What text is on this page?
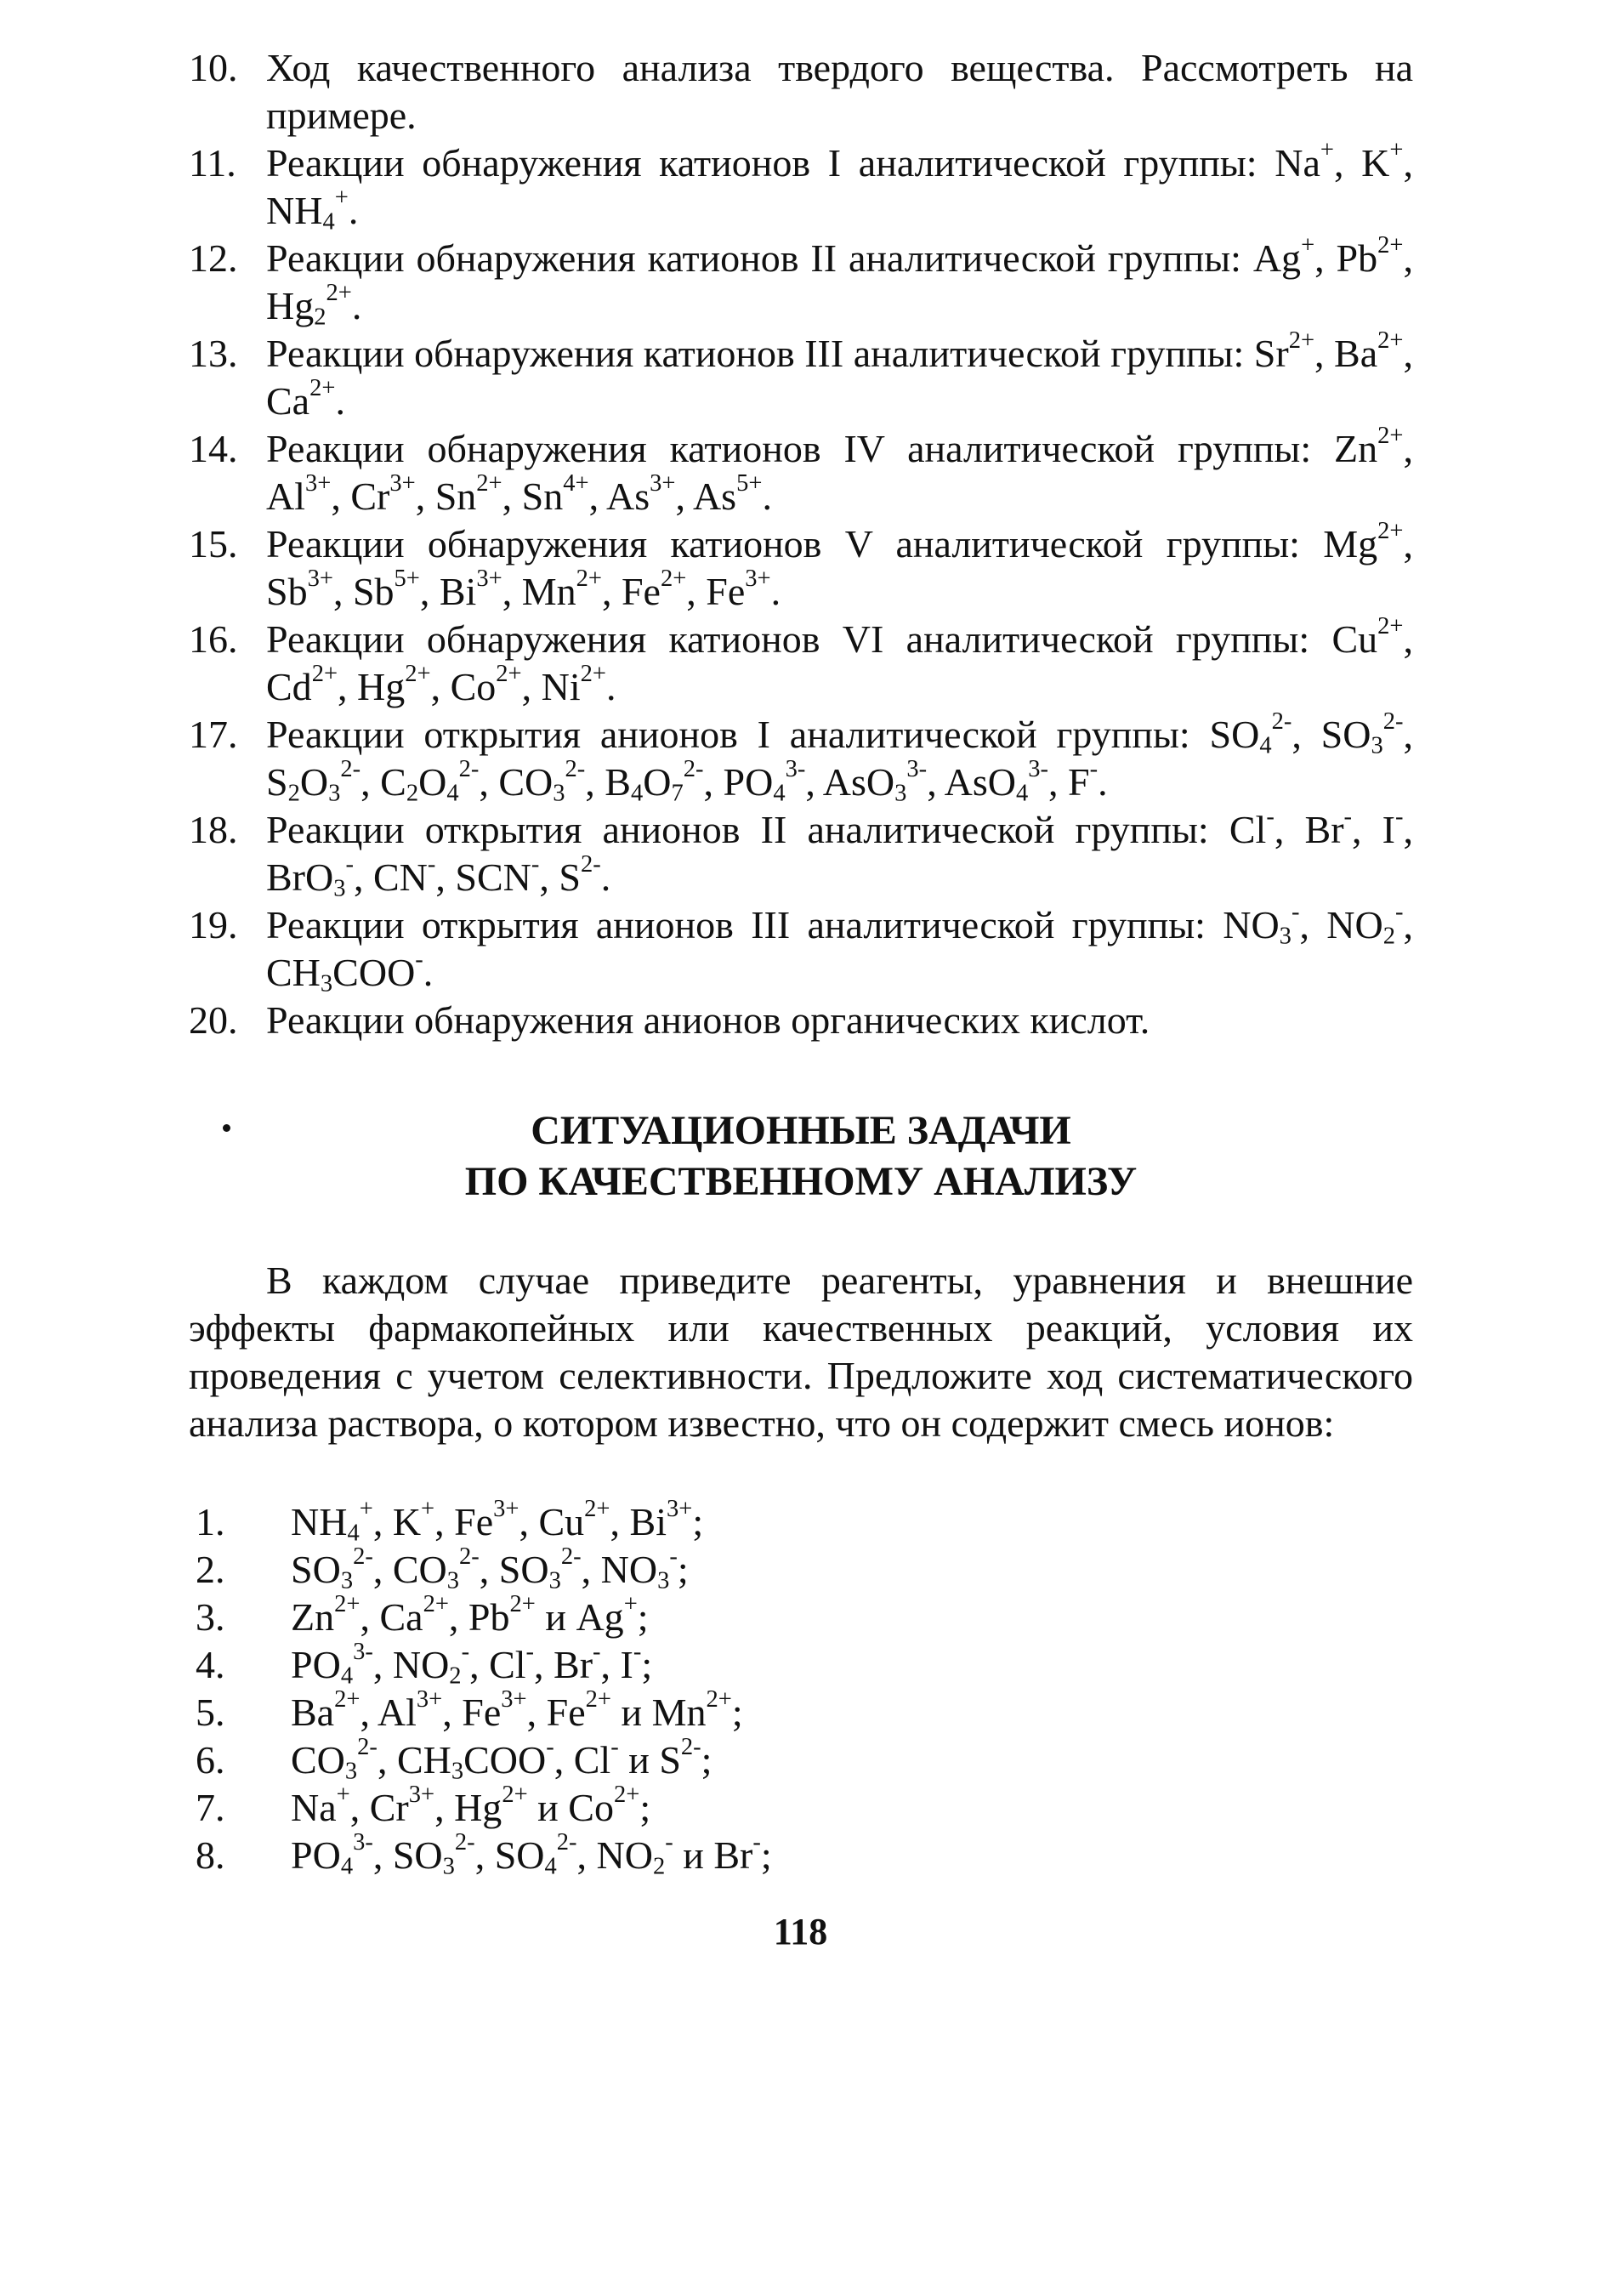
10. Ход качественного анализа твердого вещества. Рассмотреть на примере.
11. Реакции обнаружения катионов I аналитической группы: Na+, K+, $NH_4^+$.
12. Реакции обнаружения катионов II аналитической группы: Ag+, $Pb^{2+}$, $Hg_2^{2+}$.
13. Реакции обнаружения катионов III аналитической группы: $Sr^{2+}$, $Ba^{2+}$, $Ca^{2+}$.
14. Реакции обнаружения катионов IV аналитической группы: $Zn^{2+}$, $Al^{3+}$, $Cr^{3+}$, $Sn^{2+}$, $Sn^{4+}$, $As^{3+}$, $As^{5+}$.
15. Реакции обнаружения катионов V аналитической группы: $Mg^{2+}$, $Sb^{3+}$, $Sb^{5+}$, $Bi^{3+}$, $Mn^{2+}$, $Fe^{2+}$, $Fe^{3+}$.
16. Реакции обнаружения катионов VI аналитической группы: $Cu^{2+}$, $Cd^{2+}$, $Hg^{2+}$, $Co^{2+}$, $Ni^{2+}$.
17. Реакции открытия анионов I аналитической группы: $SO_4^{2-}$, $SO_3^{2-}$, $S_2O_3^{2-}$, $C_2O_4^{2-}$, $CO_3^{2-}$, $B_4O_7^{2-}$, $PO_4^{3-}$, AsO$_3^{3-}$, AsO$_4^{3-}$, F-.
18. Реакции открытия анионов II аналитической группы: Cl-, Br-, I-, BrO$_3$-, CN-, SCN-, $S^{2-}$.
19. Реакции открытия анионов III аналитической группы: $NO_3^-$, $NO_2^-$, $CH_3COO^-$.
20. Реакции обнаружения анионов органических кислот.
СИТУАЦИОННЫЕ ЗАДАЧИ
ПО КАЧЕСТВЕННОМУ АНАЛИЗУ
В каждом случае приведите реагенты, уравнения и внешние эффекты фармакопейных или качественных реакций, условия их проведения с учетом селективности. Предложите ход систематического анализа раствора, о котором известно, что он содержит смесь ионов:
1. $NH_4^+$, K+, $Fe^{3+}$, $Cu^{2+}$, $Bi^{3+}$;
2. $SO_3^{2-}$, $CO_3^{2-}$, $SO_3^{2-}$, $NO_3^-$;
3. $Zn^{2+}$, $Ca^{2+}$, $Pb^{2+}$ и Ag+;
4. $PO_4^{3-}$, $NO_2^-$, Cl-, Br-, I-;
5. $Ba^{2+}$, $Al^{3+}$, $Fe^{3+}$, $Fe^{2+}$ и $Mn^{2+}$;
6. $CO_3^{2-}$, $CH_3COO^-$, Cl- и $S^{2-}$;
7. Na+, $Cr^{3+}$, $Hg^{2+}$ и $Co^{2+}$;
8. $PO_4^{3-}$, $SO_3^{2-}$, $SO_4^{2-}$, $NO_2^-$ и Br-;
118
